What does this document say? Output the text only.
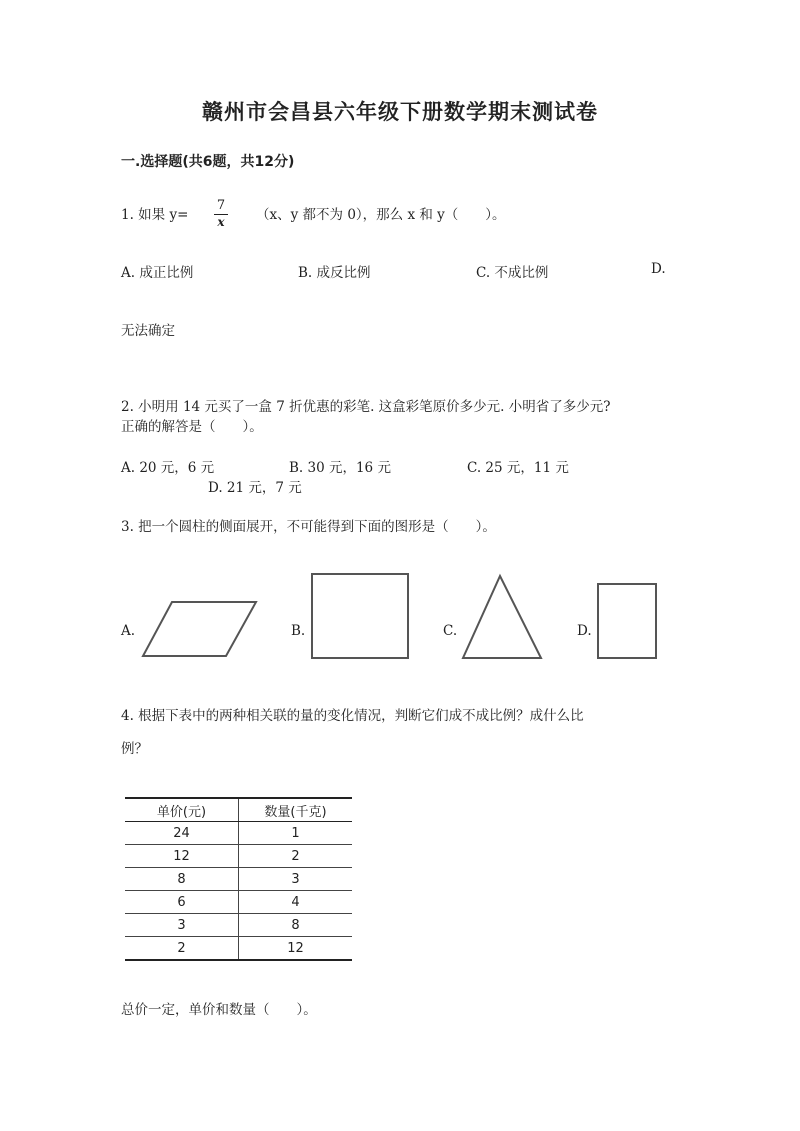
赣州市会昌县六年级下册数学期末测试卷
一.选择题(共6题，共12分)
1. 如果 $y= \frac{7}{x} (x$、y 都不为 0），那么 x 和 y（　　）。
A. 成正比例	B. 成反比例	C. 不成比例	D.
无法确定
2. 小明用 14 元买了一盒 7 折优惠的彩笔. 这盒彩笔原价多少元. 小明省了多少元?
正确的解答是（　　）。
A. 20 元，6 元	B. 30 元，16 元	C. 25 元，11 元
D. 21 元，7 元
3. 把一个圆柱的侧面展开，不可能得到下面的图形是（　　）。
A.	B.	C.	D.
4. 根据下表中的两种相关联的量的变化情况，判断它们成不成比例？成什么比
例？
单价(元)	数量(千克)
24	1
12	2
8	3
6	4
3	8
2	12
总价一定，单价和数量（　　）。
